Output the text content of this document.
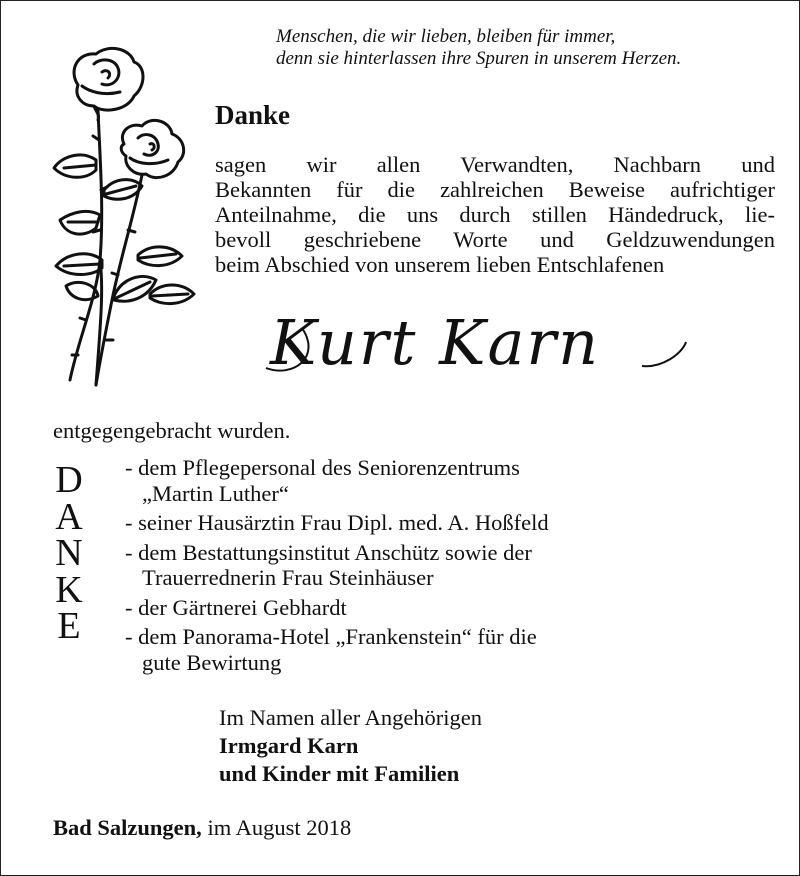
Menschen, die wir lieben, bleiben für immer,
denn sie hinterlassen ihre Spuren in unserem Herzen.
Danke
sagen wir allen Verwandten, Nachbarn und
Bekannten für die zahlreichen Beweise aufrichtiger
Anteilnahme, die uns durch stillen Händedruck, lie-
bevoll geschriebene Worte und Geldzuwendungen
beim Abschied von unserem lieben Entschlafenen
Kurt Karn
entgegengebracht wurden.
D
A
N
K
E
- dem Pflegepersonal des Seniorenzentrums
„Martin Luther“
- seiner Hausärztin Frau Dipl. med. A. Hoßfeld
- dem Bestattungsinstitut Anschütz sowie der
Trauerrednerin Frau Steinhäuser
- der Gärtnerei Gebhardt
- dem Panorama-Hotel „Frankenstein“ für die
gute Bewirtung
Im Namen aller Angehörigen
Irmgard Karn
und Kinder mit Familien
Bad Salzungen, im August 2018
